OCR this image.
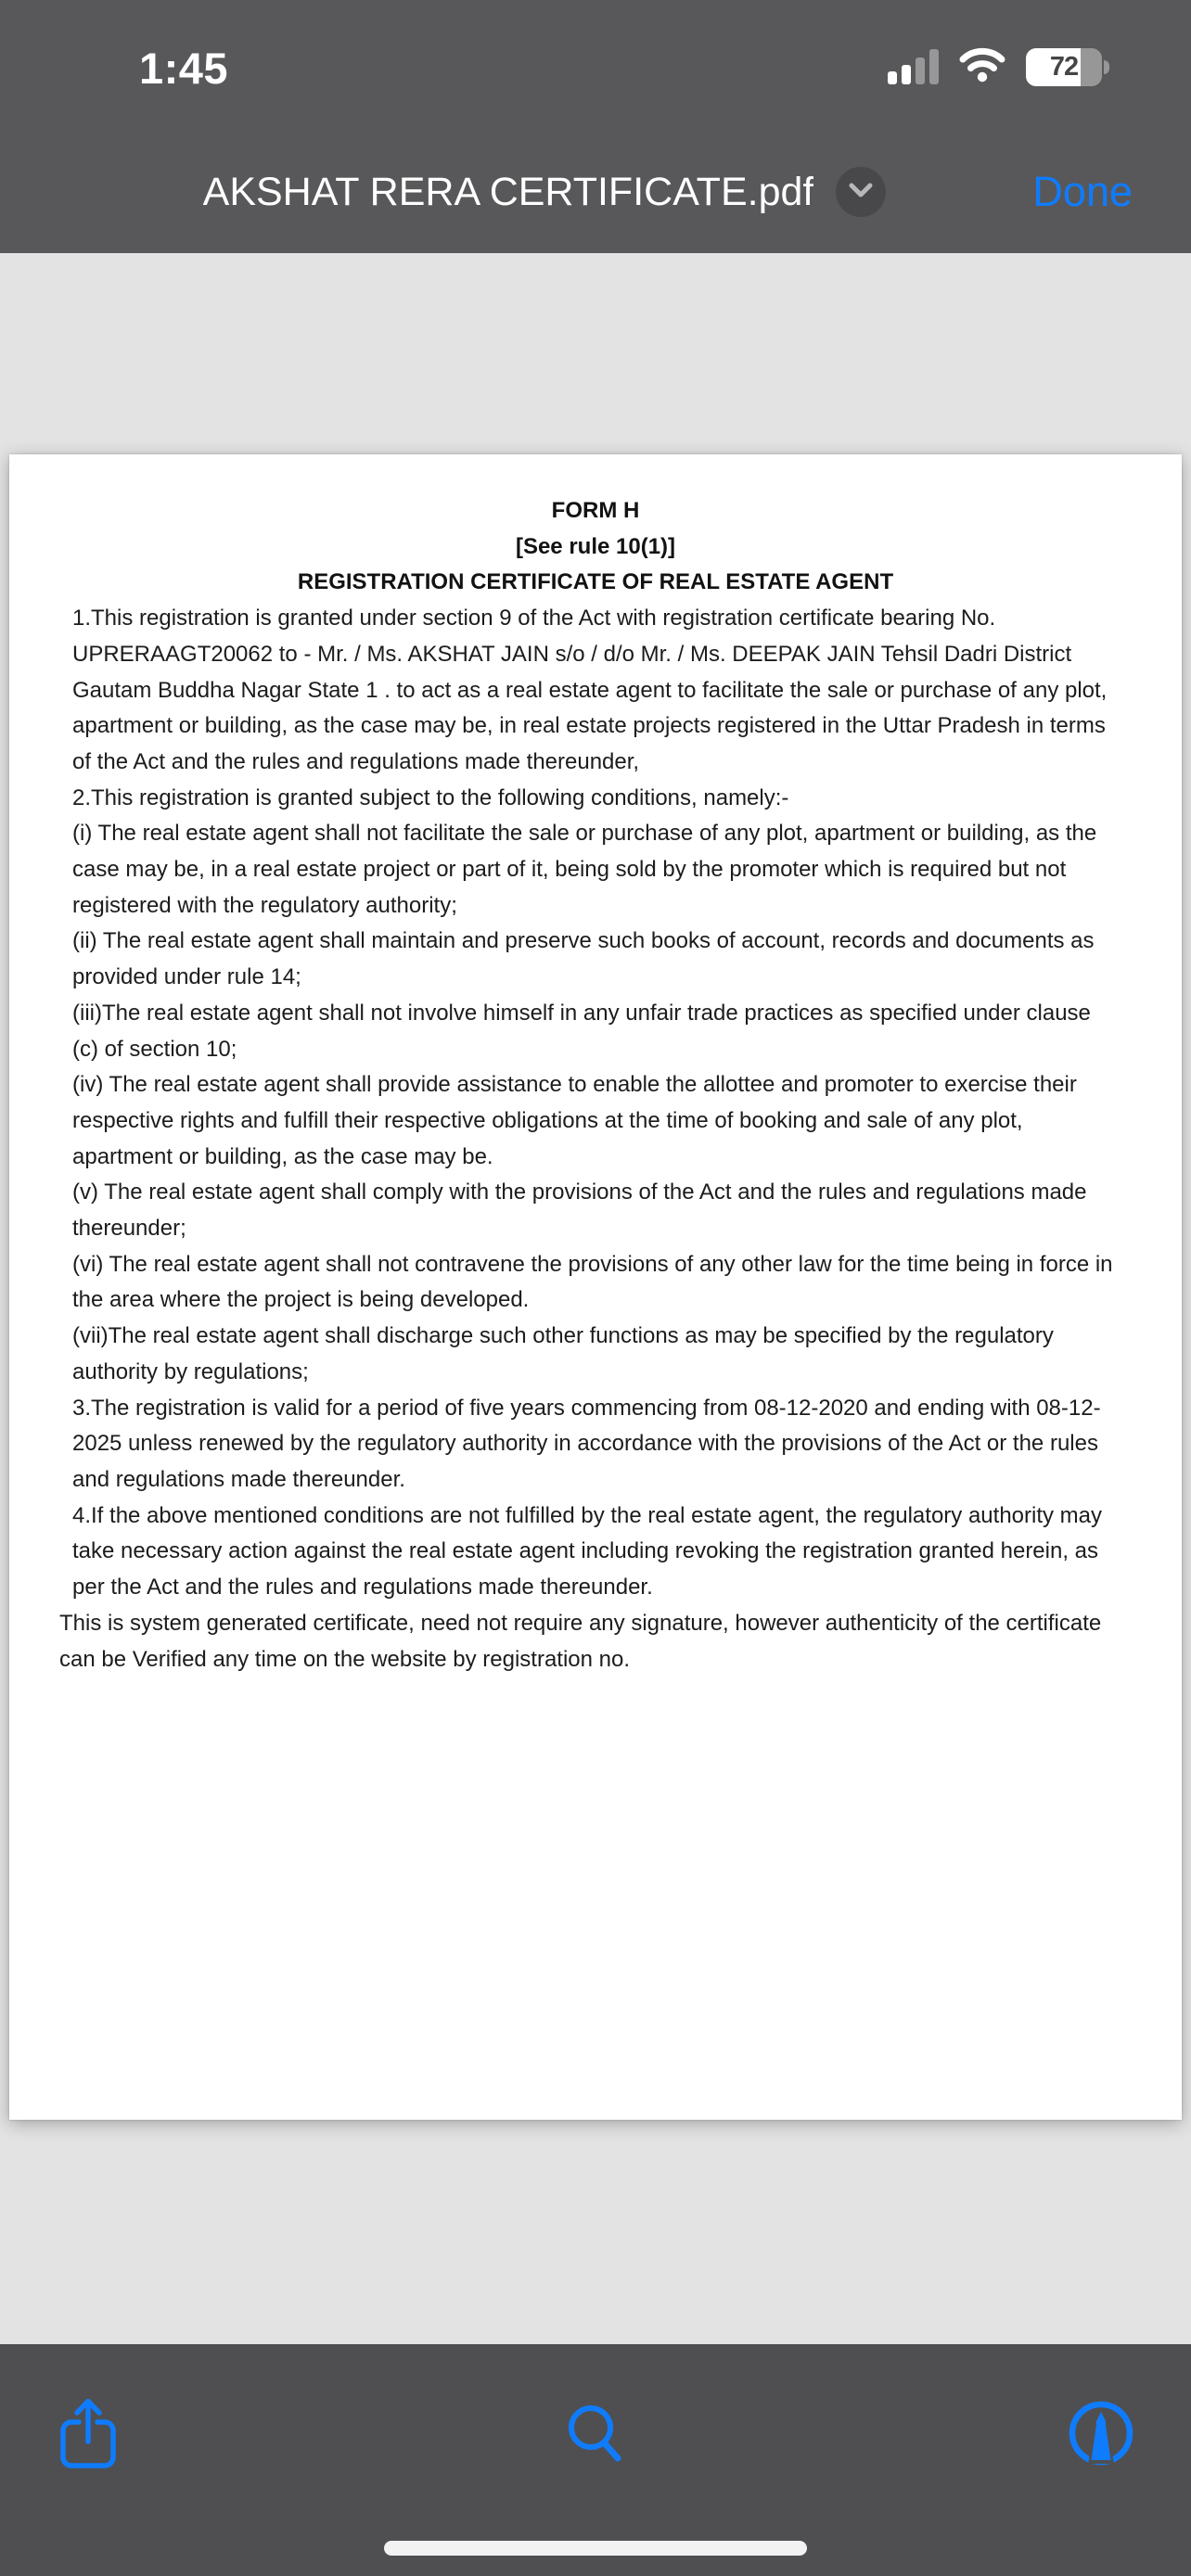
1:45	72
AKSHAT RERA CERTIFICATE.pdf	Done
FORM H
[See rule 10(1)]
REGISTRATION CERTIFICATE OF REAL ESTATE AGENT

1.This registration is granted under section 9 of the Act with registration certificate bearing No. UPRERAAGT20062 to - Mr. / Ms. AKSHAT JAIN s/o / d/o Mr. / Ms. DEEPAK JAIN Tehsil Dadri District Gautam Buddha Nagar State 1 . to act as a real estate agent to facilitate the sale or purchase of any plot, apartment or building, as the case may be, in real estate projects registered in the Uttar Pradesh in terms of the Act and the rules and regulations made thereunder,

2.This registration is granted subject to the following conditions, namely:-

(i) The real estate agent shall not facilitate the sale or purchase of any plot, apartment or building, as the case may be, in a real estate project or part of it, being sold by the promoter which is required but not registered with the regulatory authority;

(ii) The real estate agent shall maintain and preserve such books of account, records and documents as provided under rule 14;

(iii)The real estate agent shall not involve himself in any unfair trade practices as specified under clause (c) of section 10;

(iv) The real estate agent shall provide assistance to enable the allottee and promoter to exercise their respective rights and fulfill their respective obligations at the time of booking and sale of any plot, apartment or building, as the case may be.

(v) The real estate agent shall comply with the provisions of the Act and the rules and regulations made thereunder;

(vi) The real estate agent shall not contravene the provisions of any other law for the time being in force in the area where the project is being developed.

(vii)The real estate agent shall discharge such other functions as may be specified by the regulatory authority by regulations;

3.The registration is valid for a period of five years commencing from 08-12-2020 and ending with 08-12-2025 unless renewed by the regulatory authority in accordance with the provisions of the Act or the rules and regulations made thereunder.

4.If the above mentioned conditions are not fulfilled by the real estate agent, the regulatory authority may take necessary action against the real estate agent including revoking the registration granted herein, as per the Act and the rules and regulations made thereunder.

This is system generated certificate, need not require any signature, however authenticity of the certificate can be Verified any time on the website by registration no.
